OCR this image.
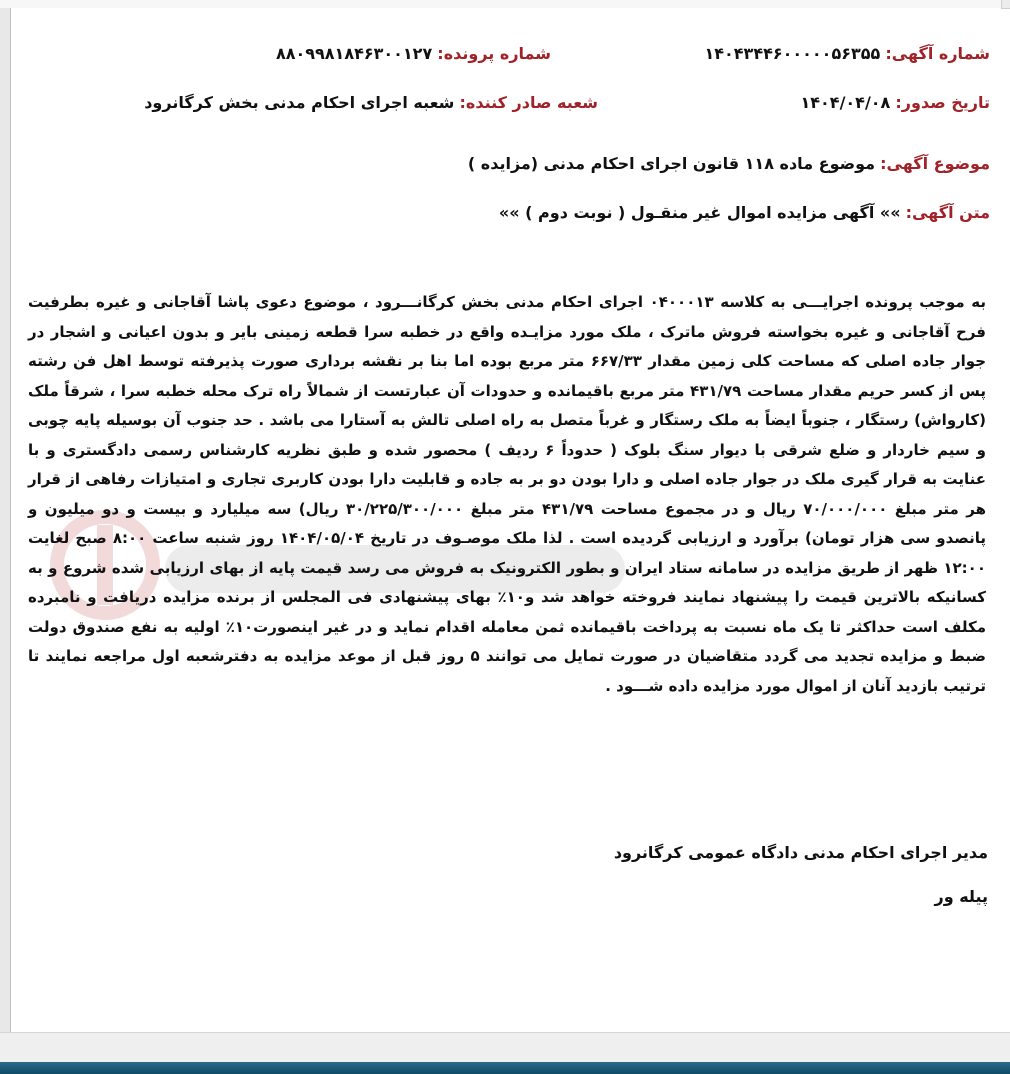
شماره آگهی: ۱۴۰۴۳۴۴۶۰۰۰۰۰۵۶۳۵۵
شماره پرونده: ۸۸۰۹۹۸۱۸۴۶۳۰۰۱۲۷
تاریخ صدور: ۱۴۰۴/۰۴/۰۸
شعبه صادر کننده: شعبه اجرای احکام مدنی بخش کرگانرود
موضوع آگهی: موضوع ماده ۱۱۸ قانون اجرای احکام مدنی (مزایده )
متن آگهی: »» آگهی مزایده اموال غیر منقـول ( نوبت دوم ) »»

به موجب پرونده اجرایـــی به کلاسه ۰۴۰۰۰۱۳ اجرای احکام مدنی بخش کرگانـــرود ، موضوع دعوی پاشا آقاجانی و غیره بطرفیت فرح آقاجانی و غیره بخواسته فروش ماترک ، ملک مورد مزایـده واقع در خطبه سرا قطعه زمینی بایر و بدون اعیانی و اشجار در جوار جاده اصلی که مساحت کلی زمین مقدار ۶۶۷/۳۳ متر مربع بوده اما بنا بر نقشه برداری صورت پذیرفته توسط اهل فن رشته پس از کسر حریم مقدار مساحت ۴۳۱/۷۹ متر مربع باقیمانده و حدودات آن عبارتست از شمالاً راه ترک محله خطبه سرا ، شرقاً ملک (کارواش) رستگار ، جنوباً ایضاً به ملک رستگار و غرباً متصل به راه اصلی تالش به آستارا می باشد . حد جنوب آن بوسیله پایه چوبی و سیم خاردار و ضلع شرقی با دیوار سنگ بلوک ( حدوداً ۶ ردیف ) محصور شده و طبق نظریه کارشناس رسمی دادگستری و با عنایت به قرار گیری ملک در جوار جاده اصلی و دارا بودن دو بر به جاده و قابلیت دارا بودن کاربری تجاری و امتیازات رفاهی از قرار هر متر مبلغ ۷۰/۰۰۰/۰۰۰ ریال و در مجموع مساحت ۴۳۱/۷۹ متر مبلغ ۳۰/۲۲۵/۳۰۰/۰۰۰ ریال) سه میلیارد و بیست و دو میلیون و پانصدو سی هزار تومان) برآورد و ارزیابی گردیده است . لذا ملک موصـوف در تاریخ ۱۴۰۴/۰۵/۰۴ روز شنبه ساعت ۸:۰۰ صبح لغایت ۱۲:۰۰ ظهر از طریق مزایده در سامانه ستاد ایران و بطور الکترونیک به فروش می رسد قیمت پایه از بهای ارزیابی شده شروع و به کسانیکه بالاترین قیمت را پیشنهاد نمایند فروخته خواهد شد و۱۰٪ بهای پیشنهادی فی المجلس از برنده مزایده دریافت و نامبرده مکلف است حداکثر تا یک ماه نسبت به پرداخت باقیمانده ثمن معامله اقدام نماید و در غیر اینصورت۱۰٪ اولیه به نفع صندوق دولت ضبط و مزایده تجدید می گردد متقاضیان در صورت تمایل می توانند ۵ روز قبل از موعد مزایده به دفترشعبه اول مراجعه نمایند تا ترتیب بازدید آنان از اموال مورد مزایده داده شـــود .

مدیر اجرای احکام مدنی دادگاه عمومی کرگانرود
پیله ور
